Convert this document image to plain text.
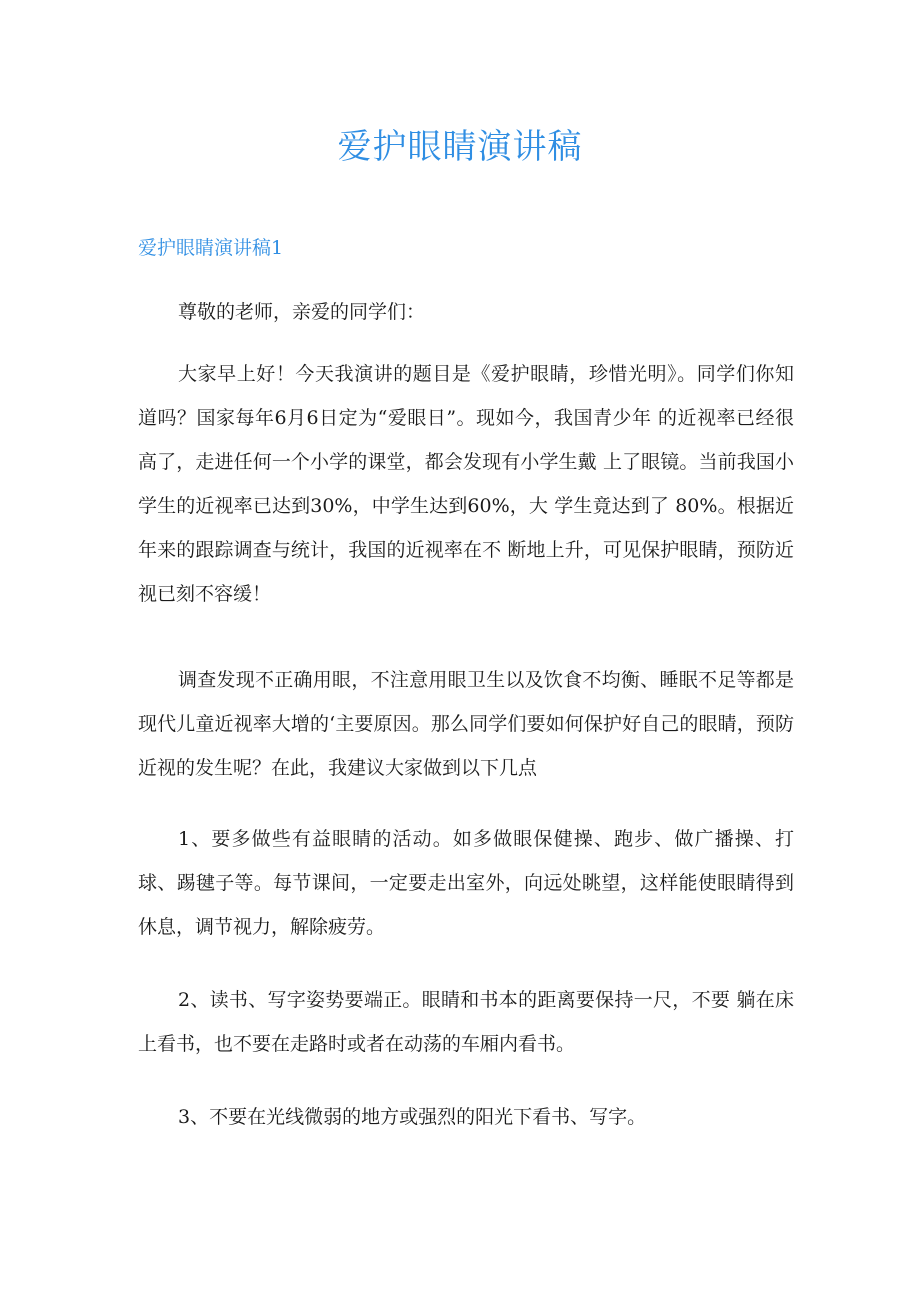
爱护眼睛演讲稿
爱护眼睛演讲稿1

尊敬的老师，亲爱的同学们：

大家早上好！今天我演讲的题目是《爱护眼睛，珍惜光明》。同学们你知道吗？国家每年6月6日定为“爱眼日”。现如今，我国青少年 的近视率已经很高了，走进任何一个小学的课堂，都会发现有小学生戴 上了眼镜。当前我国小学生的近视率已达到30%，中学生达到60%，大 学生竟达到了 80%。根据近年来的跟踪调查与统计，我国的近视率在不 断地上升，可见保护眼睛，预防近视已刻不容缓！

调查发现不正确用眼，不注意用眼卫生以及饮食不均衡、睡眠不足等都是现代儿童近视率大增的‘主要原因。那么同学们要如何保护好自己的眼睛，预防近视的发生呢？在此，我建议大家做到以下几点

1、要多做些有益眼睛的活动。如多做眼保健操、跑步、做广播操、打球、踢毽子等。每节课间，一定要走出室外，向远处眺望，这样能使眼睛得到休息，调节视力，解除疲劳。

2、读书、写字姿势要端正。眼睛和书本的距离要保持一尺，不要 躺在床上看书，也不要在走路时或者在动荡的车厢内看书。

3、不要在光线微弱的地方或强烈的阳光下看书、写字。
